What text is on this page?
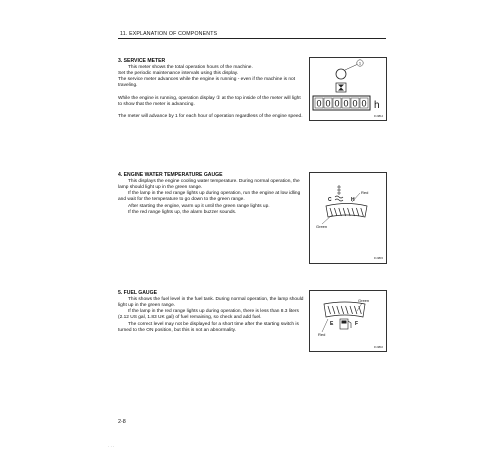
11. EXPLANATION OF COMPONENTS
3. SERVICE METER

This meter shows the total operation hours of the machine.

Set the periodic maintenance intervals using this display.

The service meter advances while the engine is running - even if the machine is not traveling.

While the engine is running, operation display ① at the top inside of the meter will light to show that the meter is advancing.

The meter will advance by 1 for each hour of operation regardless of the engine speed.

1
0 0 0 0 0 0 h
FI-9814
4. ENGINE WATER TEMPERATURE GAUGE

This displays the engine cooling water temperature. During normal operation, the lamp should light up in the green range.

If the lamp in the red range lights up during operation, run the engine at low idling and wait for the temperature to go down to the green range.

After starting the engine, warm up it until the green range lights up.

If the red range lights up, the alarm buzzer sounds.

Red
C	H
Green
FI-9815
5. FUEL GAUGE

This shows the fuel level in the fuel tank. During normal operation, the lamp should light up in the green range.

If the lamp in the red range lights up during operation, there is less than 8.3 liters (2.12 US gal, 1.83 UK gal) of fuel remaining, so check and add fuel.

The correct level may not be displayed for a short time after the starting switch is turned to the ON position, but this is not an abnormality.

Green
E	F
Red
FI-9816
2-8
· · ·
